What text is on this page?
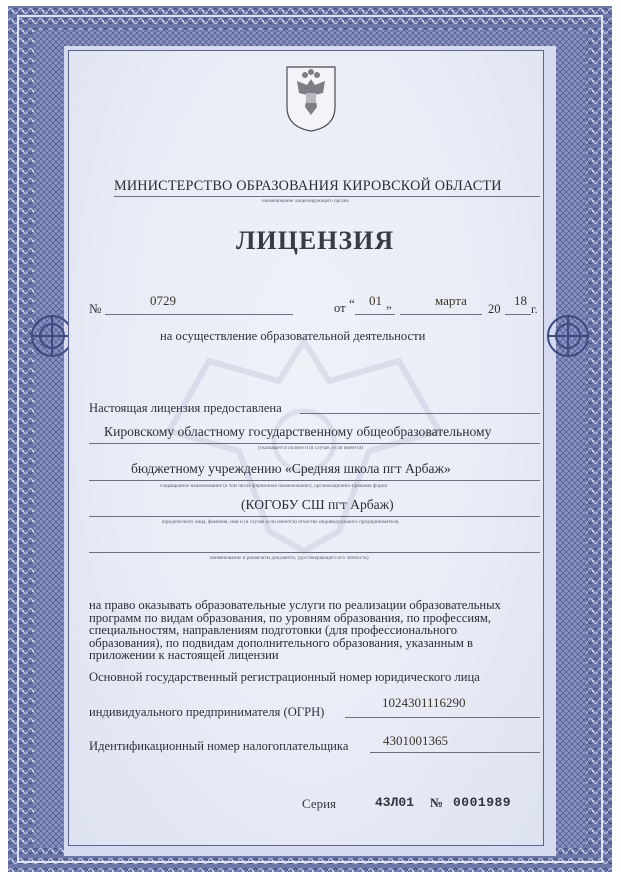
МИНИСТЕРСТВО ОБРАЗОВАНИЯ КИРОВСКОЙ ОБЛАСТИ
наименование лицензирующего органа
ЛИЦЕНЗИЯ
№
0729	от “ 01 „	марта
20
18
г.
на осуществление образовательной деятельности
Настоящая лицензия предоставлена
Кировскому областному государственному общеобразовательному
(указывается полное и (в случае, если имеется)
бюджетному учреждению «Средняя школа пгт Арбаж»
сокращенное наименование (в том числе фирменное наименование), организационно-правовая форма
(КОГОБУ СШ пгт Арбаж)
юридического лица, фамилия, имя и (в случае если имеется) отчество индивидуального предпринимателя,
наименование и реквизиты документа, удостоверяющего его личность)
на право оказывать образовательные услуги по реализации образовательных
программ по видам образования, по уровням образования, по профессиям,
специальностям, направлениям подготовки (для профессионального
образования), по подвидам дополнительного образования, указанным в
приложении к настоящей лицензии
Основной государственный регистрационный номер юридического лица
индивидуального предпринимателя (ОГРН)
1024301116290
Идентификационный номер налогоплательщика	4301001365
Серия	43Л01 № 0001989
